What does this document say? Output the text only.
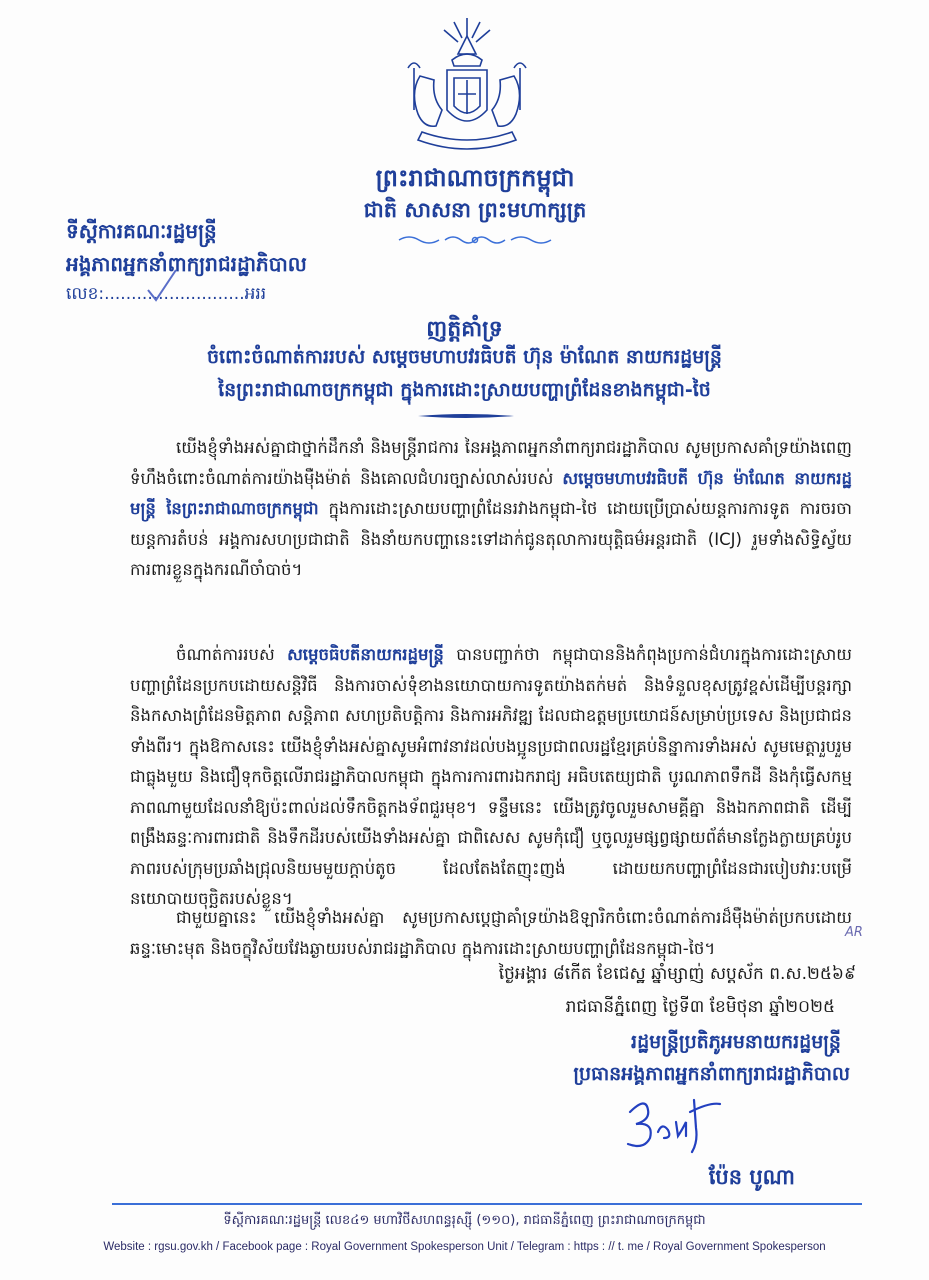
ព្រះរាជាណាចក្រកម្ពុជា
ជាតិ សាសនា ព្រះមហាក្សត្រ
ទីស្ដីការគណៈរដ្ឋមន្ត្រី
អង្គភាពអ្នកនាំពាក្យរាជរដ្ឋាភិបាល
លេខ:..........................អររ
ញត្តិគាំទ្រ
ចំពោះចំណាត់ការរបស់ សម្ដេចមហាបវរធិបតី ហ៊ុន ម៉ាណែត នាយករដ្ឋមន្ត្រី
នៃព្រះរាជាណាចក្រកម្ពុជា ក្នុងការដោះស្រាយបញ្ហាព្រំដែនខាងកម្ពុជា-ថៃ
យើងខ្ញុំទាំងអស់គ្នាជាថ្នាក់ដឹកនាំ និងមន្ត្រីរាជការ នៃអង្គភាពអ្នកនាំពាក្យរាជរដ្ឋាភិបាល សូមប្រកាសគាំទ្រយ៉ាងពេញទំហឹងចំពោះចំណាត់ការយ៉ាងម៉ឺងម៉ាត់ និងគោលជំហរច្បាស់លាស់របស់ សម្ដេចមហាបវរធិបតី ហ៊ុន ម៉ាណែត នាយករដ្ឋមន្ត្រី នៃព្រះរាជាណាចក្រកម្ពុជា ក្នុងការដោះស្រាយបញ្ហាព្រំដែនរវាងកម្ពុជា-ថៃ ដោយប្រើប្រាស់យន្តការការទូត ការចរចា យន្តការតំបន់ អង្គការសហប្រជាជាតិ និងនាំយកបញ្ហានេះទៅដាក់ជូនតុលាការយុត្តិធម៌អន្តរជាតិ (ICJ) រួមទាំងសិទ្ធិស្វ័យការពារខ្លួនក្នុងករណីចាំបាច់។
ចំណាត់ការរបស់ សម្ដេចធិបតីនាយករដ្ឋមន្ត្រី បានបញ្ជាក់ថា កម្ពុជាបាននិងកំពុងប្រកាន់ជំហរក្នុងការដោះស្រាយបញ្ហាព្រំដែនប្រកបដោយសន្តិវិធី និងការចាស់ទុំខាងនយោបាយការទូតយ៉ាងតក់មត់ និងទំនួលខុសត្រូវខ្ពស់ដើម្បីបន្តរក្សា និងកសាងព្រំដែនមិត្តភាព សន្តិភាព សហប្រតិបត្តិការ និងការអភិវឌ្ឍ ដែលជាឧត្តមប្រយោជន៍សម្រាប់ប្រទេស និងប្រជាជនទាំងពីរ។ ក្នុងឱកាសនេះ យើងខ្ញុំទាំងអស់គ្នាសូមអំពាវនាវដល់បងប្អូនប្រជាពលរដ្ឋខ្មែរគ្រប់និន្នាការទាំងអស់ សូមមេត្តារួបរួមជាធ្លុងមួយ និងជឿទុកចិត្តលើរាជរដ្ឋាភិបាលកម្ពុជា ក្នុងការការពារឯករាជ្យ អធិបតេយ្យជាតិ បូរណភាពទឹកដី និងកុំធ្វើសកម្មភាពណាមួយដែលនាំឱ្យប៉ះពាល់ដល់ទឹកចិត្តកងទ័ពជួរមុខ។ ទន្ទឹមនេះ យើងត្រូវចូលរួមសាមគ្គីគ្នា និងឯកភាពជាតិ ដើម្បីពង្រឹងឆន្ទៈការពារជាតិ និងទឹកដីរបស់យើងទាំងអស់គ្នា ជាពិសេស សូមកុំជឿ ឬចូលរួមផ្សព្វផ្សាយព័ត៌មានក្លែងក្លាយគ្រប់រូបភាពរបស់ក្រុមប្រឆាំងជ្រុលនិយមមួយក្ដាប់តូច ដែលតែងតែញុះញង់ ដោយយកបញ្ហាព្រំដែនជារបៀបវារៈបម្រើនយោបាយចុច្ឆិតរបស់ខ្លួន។
ជាមួយគ្នានេះ យើងខ្ញុំទាំងអស់គ្នា សូមប្រកាសប្ដេជ្ញាគាំទ្រយ៉ាងឱឡារិកចំពោះចំណាត់ការដ៏ម៉ឺងម៉ាត់ប្រកបដោយឆន្ទៈមោះមុត និងចក្ខុវិស័យវែងឆ្ងាយរបស់រាជរដ្ឋាភិបាល ក្នុងការដោះស្រាយបញ្ហាព្រំដែនកម្ពុជា-ថៃ។
AR
ថ្ងៃអង្គារ ៨កើត ខែជេស្ឋ ឆ្នាំម្សាញ់ សប្ដស័ក ព.ស.២៥៦៩
រាជធានីភ្នំពេញ ថ្ងៃទី៣ ខែមិថុនា ឆ្នាំ២០២៥
រដ្ឋមន្ត្រីប្រតិភូអមនាយករដ្ឋមន្ត្រី
ប្រធានអង្គភាពអ្នកនាំពាក្យរាជរដ្ឋាភិបាល
ប៉ែន បូណា
ទីស្ដីការគណៈរដ្ឋមន្ត្រី លេខ៤១ មហាវិថីសហពន្ធរុស្ស៊ី (១១០), រាជធានីភ្នំពេញ ព្រះរាជាណាចក្រកម្ពុជា
Website : rgsu.gov.kh / Facebook page : Royal Government Spokesperson Unit / Telegram : https : // t. me / Royal Government Spokesperson
